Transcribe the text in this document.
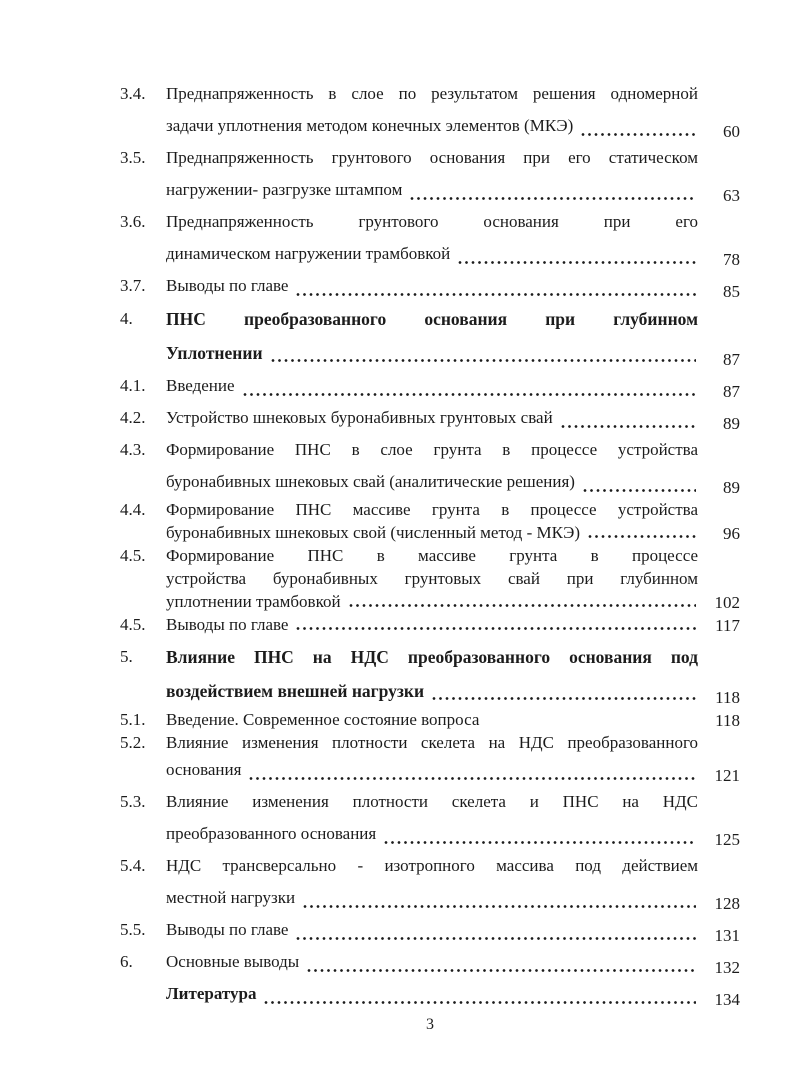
3.4.	Преднапряженность в слое по результатом решения одномерной
задачи уплотнения методом конечных элементов (МКЭ)	60
3.5.	Преднапряженность грунтового основания при его статическом
нагружении- разгрузке штампом	63
3.6.	Преднапряженность грунтового основания при его
динамическом нагружении трамбовкой	78
3.7.	Выводы по главе	85
4.	ПНС преобразованного основания при глубинном
Уплотнении	87
4.1.	Введение	87
4.2.	Устройство шнековых буронабивных грунтовых свай	89
4.3.	Формирование ПНС в слое грунта в процессе устройства
буронабивных шнековых свай (аналитические решения)	89
4.4.	Формирование ПНС массиве грунта в процессе устройства
буронабивных шнековых свой (численный метод - МКЭ)	96
4.5.	Формирование ПНС в массиве грунта в процессе
устройства буронабивных грунтовых свай при глубинном
уплотнении трамбовкой	102
4.5.	Выводы по главе	117
5.	Влияние ПНС на НДС преобразованного основания под
воздействием внешней нагрузки	118
5.1.	Введение. Современное состояние вопроса	118
5.2.	Влияние изменения плотности скелета на НДС преобразованного
основания	121
5.3.	Влияние изменения плотности скелета и ПНС на НДС
преобразованного основания	125
5.4.	НДС трансверсально - изотропного массива под действием
местной нагрузки	128
5.5.	Выводы по главе	131
6.	Основные выводы	132
Литература	134
3
